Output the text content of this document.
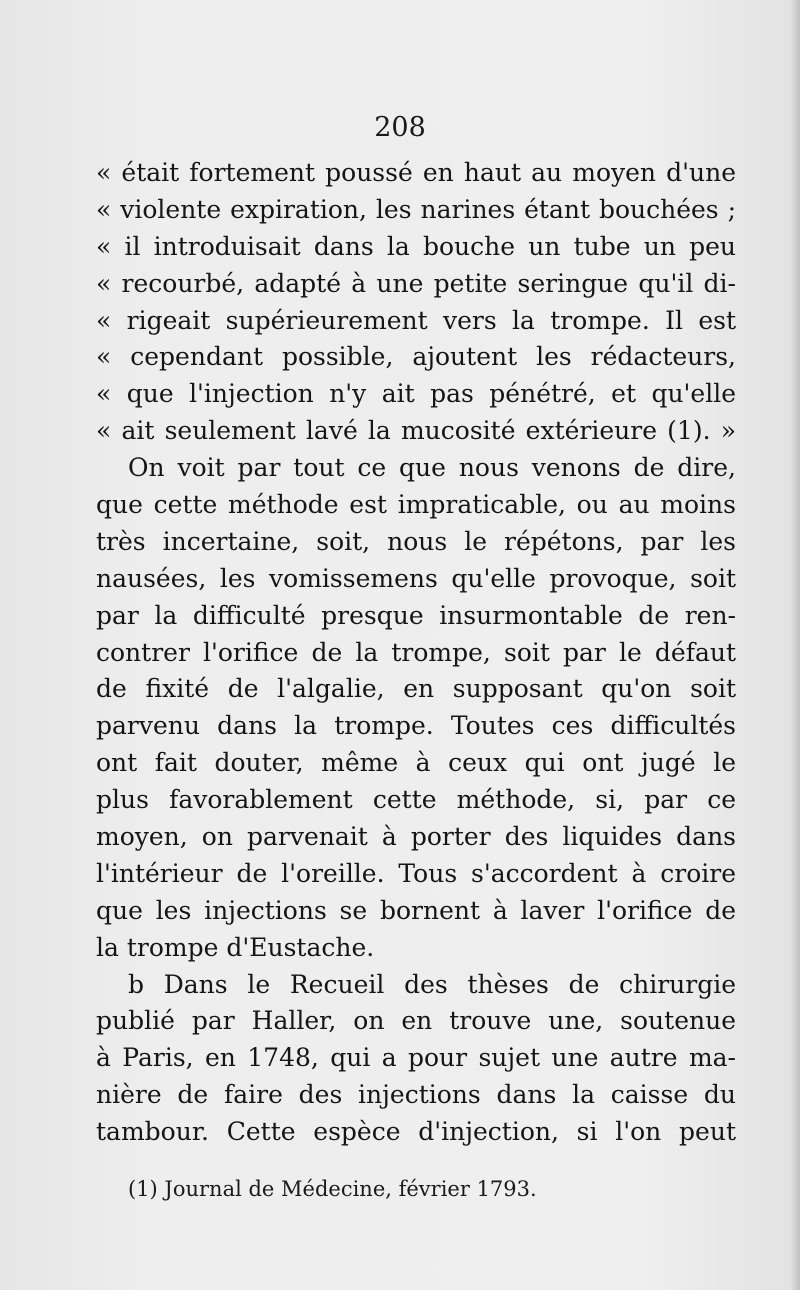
208
« était fortement poussé en haut au moyen d'une
« violente expiration, les narines étant bouchées ;
« il introduisait dans la bouche un tube un peu
« recourbé, adapté à une petite seringue qu'il di-
« rigeait supérieurement vers la trompe. Il est
« cependant possible, ajoutent les rédacteurs,
« que l'injection n'y ait pas pénétré, et qu'elle
« ait seulement lavé la mucosité extérieure (1). »
On voit par tout ce que nous venons de dire,
que cette méthode est impraticable, ou au moins
très incertaine, soit, nous le répétons, par les
nausées, les vomissemens qu'elle provoque, soit
par la difficulté presque insurmontable de ren-
contrer l'orifice de la trompe, soit par le défaut
de fixité de l'algalie, en supposant qu'on soit
parvenu dans la trompe. Toutes ces difficultés
ont fait douter, même à ceux qui ont jugé le
plus favorablement cette méthode, si, par ce
moyen, on parvenait à porter des liquides dans
l'intérieur de l'oreille. Tous s'accordent à croire
que les injections se bornent à laver l'orifice de
la trompe d'Eustache.
b Dans le Recueil des thèses de chirurgie
publié par Haller, on en trouve une, soutenue
à Paris, en 1748, qui a pour sujet une autre ma-
nière de faire des injections dans la caisse du
tambour. Cette espèce d'injection, si l'on peut
(1) Journal de Médecine, février 1793.
